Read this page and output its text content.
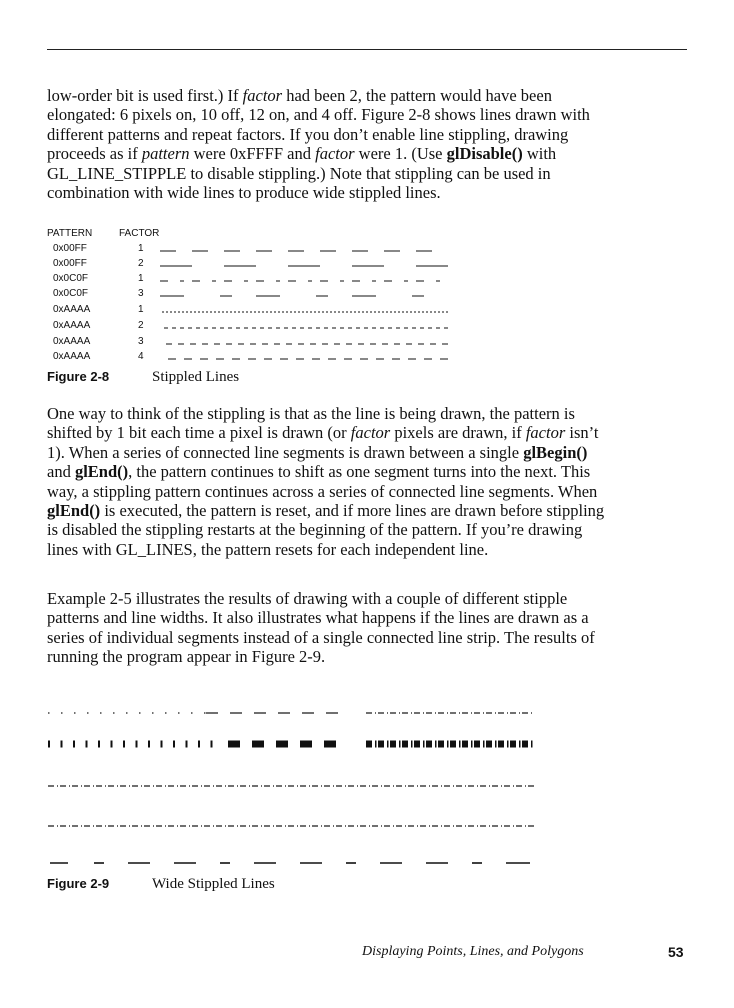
low-order bit is used first.) If factor had been 2, the pattern would have been elongated: 6 pixels on, 10 off, 12 on, and 4 off. Figure 2-8 shows lines drawn with different patterns and repeat factors. If you don’t enable line stippling, drawing proceeds as if pattern were 0xFFFF and factor were 1. (Use glDisable() with GL_LINE_STIPPLE to disable stippling.) Note that stippling can be used in combination with wide lines to produce wide stippled lines.

PATTERN	FACTOR
0x00FF	1
0x00FF	2
0x0C0F	1
0x0C0F	3
0xAAAA	1
0xAAAA	2
0xAAAA	3
0xAAAA	4
Figure 2-8	Stippled Lines

One way to think of the stippling is that as the line is being drawn, the pattern is shifted by 1 bit each time a pixel is drawn (or factor pixels are drawn, if factor isn’t 1). When a series of connected line segments is drawn between a single glBegin() and glEnd(), the pattern continues to shift as one segment turns into the next. This way, a stippling pattern continues across a series of connected line segments. When glEnd() is executed, the pattern is reset, and if more lines are drawn before stippling is disabled the stippling restarts at the beginning of the pattern. If you’re drawing lines with GL_LINES, the pattern resets for each independent line.

Example 2-5 illustrates the results of drawing with a couple of different stipple patterns and line widths. It also illustrates what happens if the lines are drawn as a series of individual segments instead of a single connected line strip. The results of running the program appear in Figure 2-9.

Figure 2-9	Wide Stippled Lines
Displaying Points, Lines, and Polygons	53
